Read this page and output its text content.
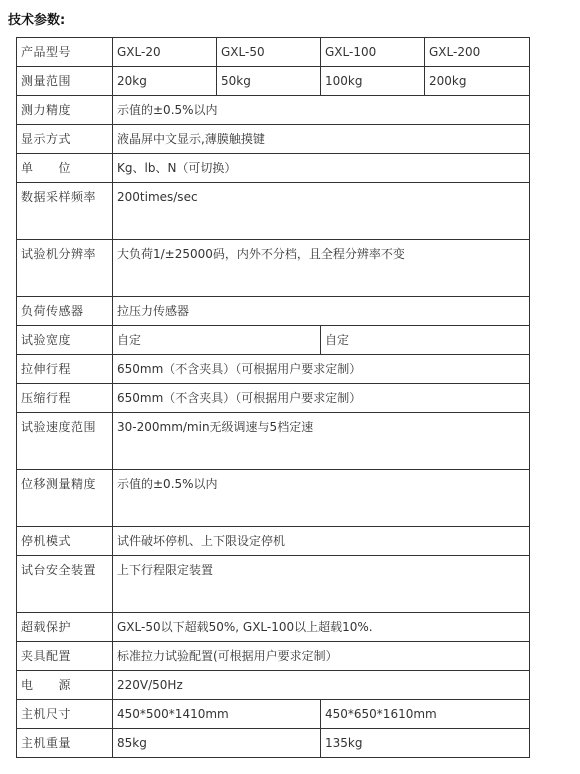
技术参数:
产品型号	GXL-20	GXL-50	GXL-100	GXL-200
测量范围	20kg	50kg	100kg	200kg
测力精度	示值的±0.5%以内			
显示方式	液晶屏中文显示,薄膜触摸键			
单　　位	Kg、lb、N（可切换）			
数据采样频率	200times/sec			
试验机分辨率	大负荷1/±25000码，内外不分档，且全程分辨率不变			
负荷传感器	拉压力传感器			
试验宽度	自定		自定	
拉伸行程	650mm（不含夹具）（可根据用户要求定制）			
压缩行程	650mm（不含夹具）（可根据用户要求定制）			
试验速度范围	30-200mm/min无级调速与5档定速			
位移测量精度	示值的±0.5%以内			
停机模式	试件破坏停机、上下限设定停机			
试台安全装置	上下行程限定装置			
超载保护	GXL-50以下超载50%, GXL-100以上超载10%.			
夹具配置	标准拉力试验配置(可根据用户要求定制）			
电　　源	220V/50Hz			
主机尺寸	450*500*1410mm		450*650*1610mm	
主机重量	85kg		135kg	
